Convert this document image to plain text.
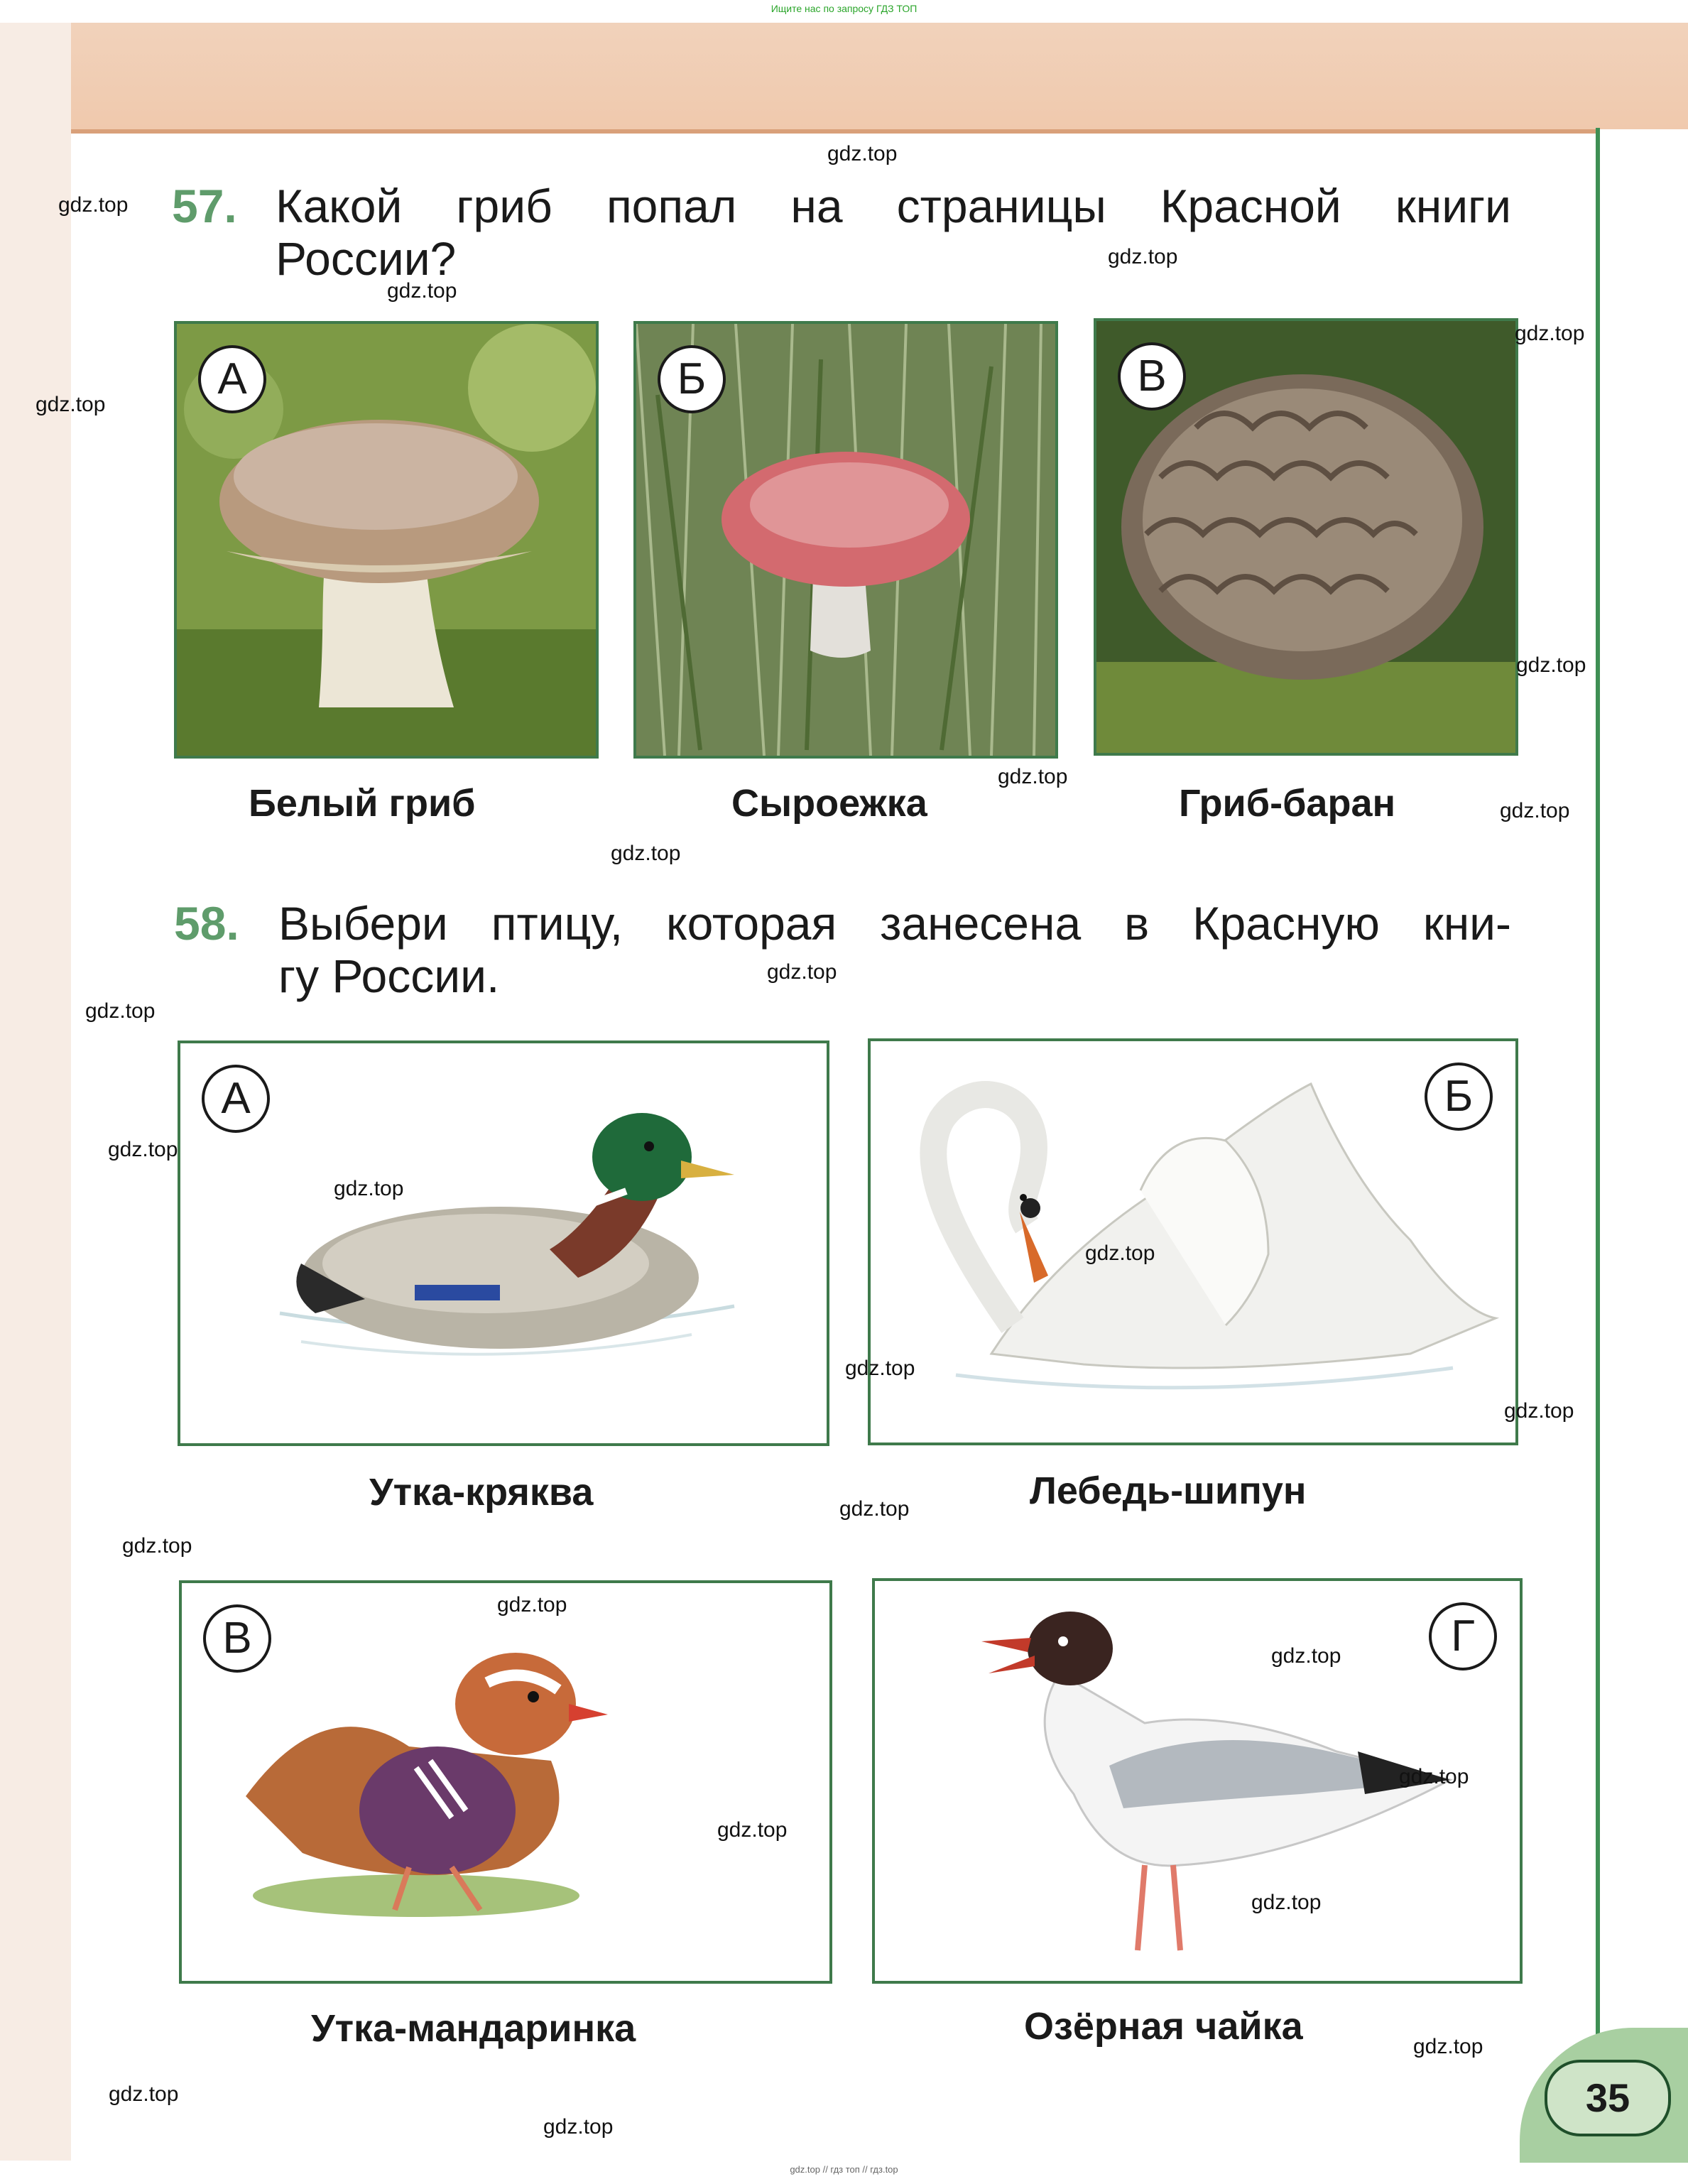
Ищите нас по запросу ГДЗ ТОП
35
57. Какой гриб попал на страницы Красной книги
России?
А	Б	В
Белый гриб	Сыроежка	Гриб-баран
58. Выбери птицу, которая занесена в Красную кни-
гу России.
А	Б
Утка-кряква	Лебедь-шипун
В	Г
Утка-мандаринка	Озёрная чайка
gdz.top
gdz.top
gdz.top
gdz.top
gdz.top
gdz.top
gdz.top
gdz.top
gdz.top
gdz.top
gdz.top
gdz.top
gdz.top
gdz.top
gdz.top
gdz.top
gdz.top
gdz.top
gdz.top
gdz.top
gdz.top
gdz.top
gdz.top
gdz.top
gdz.top
gdz.top
gdz.top
gdz.top // гдз топ // гдз.top
